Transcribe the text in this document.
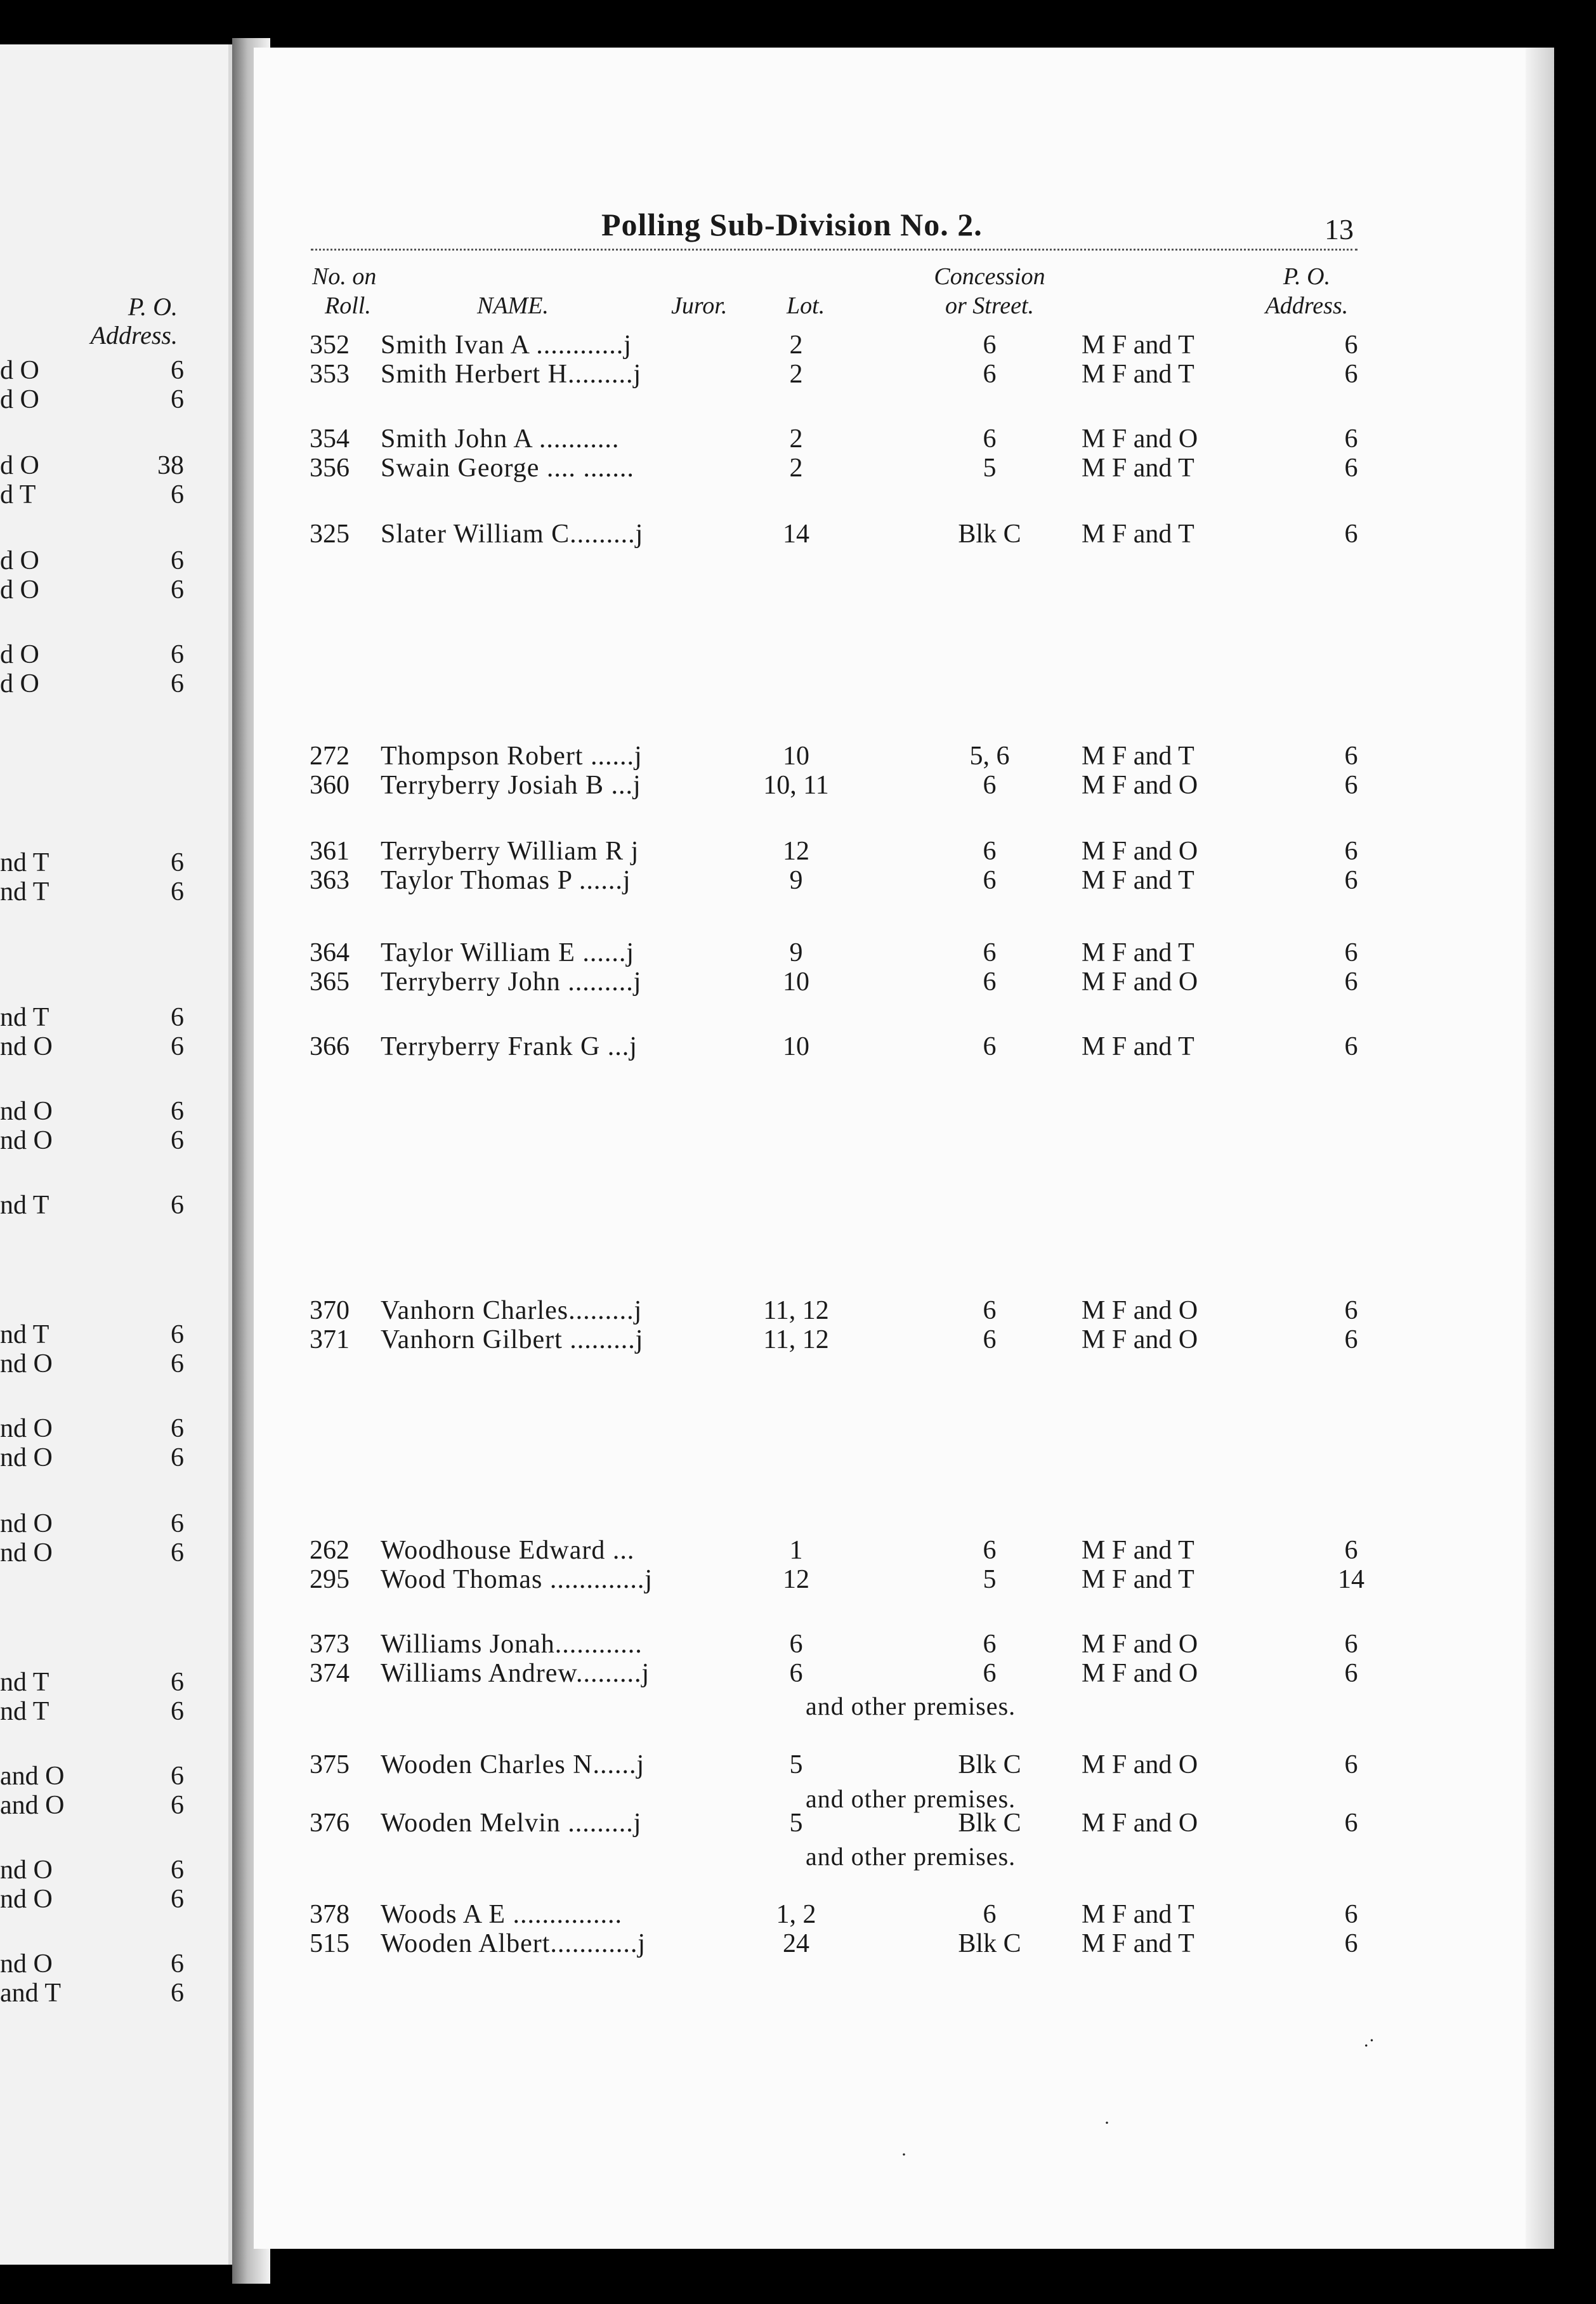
P. O.
Address.
d O	6
d O	6
d O	38
d T	6
d O	6
d O	6
d O	6
d O	6
nd T	6
nd T	6
nd T	6
nd O	6
nd O	6
nd O	6
nd T	6
nd T	6
nd O	6
nd O	6
nd O	6
nd O	6
nd O	6
nd T	6
nd T	6
and O	6
and O	6
nd O	6
nd O	6
nd O	6
and T	6
Polling Sub-Division No. 2.	13
No. on
Roll.	NAME.	Juror. Lot.
Concession
or Street.
P. O.
Address.
352 Smith Ivan A ............j	2	6	M F and T	6
353 Smith Herbert H.........j	2	6	M F and T	6
354 Smith John A ...........	2	6	M F and O	6
356 Swain George .... .......	2	5	M F and T	6
325 Slater William C.........j	14	Blk C	M F and T	6
272 Thompson Robert ......j	10	5, 6	M F and T	6
360 Terryberry Josiah B ...j	10, 11	6	M F and O	6
361 Terryberry William R j	12	6	M F and O	6
363 Taylor Thomas P ......j	9	6	M F and T	6
364 Taylor William E ......j	9	6	M F and T	6
365 Terryberry John .........j	10	6	M F and O	6
366 Terryberry Frank G ...j	10	6	M F and T	6
370 Vanhorn Charles.........j	11, 12	6	M F and O	6
371 Vanhorn Gilbert .........j	11, 12	6	M F and O	6
262 Woodhouse Edward ...	1	6	M F and T	6
295 Wood Thomas .............j	12	5	M F and T	14
373 Williams Jonah............	6	6	M F and O	6
374 Williams Andrew.........j	6	6	M F and O	6
375 Wooden Charles N......j	5	Blk C	M F and O	6
376 Wooden Melvin .........j	5	Blk C	M F and O	6
378 Woods A E ...............	1, 2	6	M F and T	6
515 Wooden Albert............j	24	Blk C	M F and T	6
and other premises.
and other premises.
and other premises.
.·
·
·
